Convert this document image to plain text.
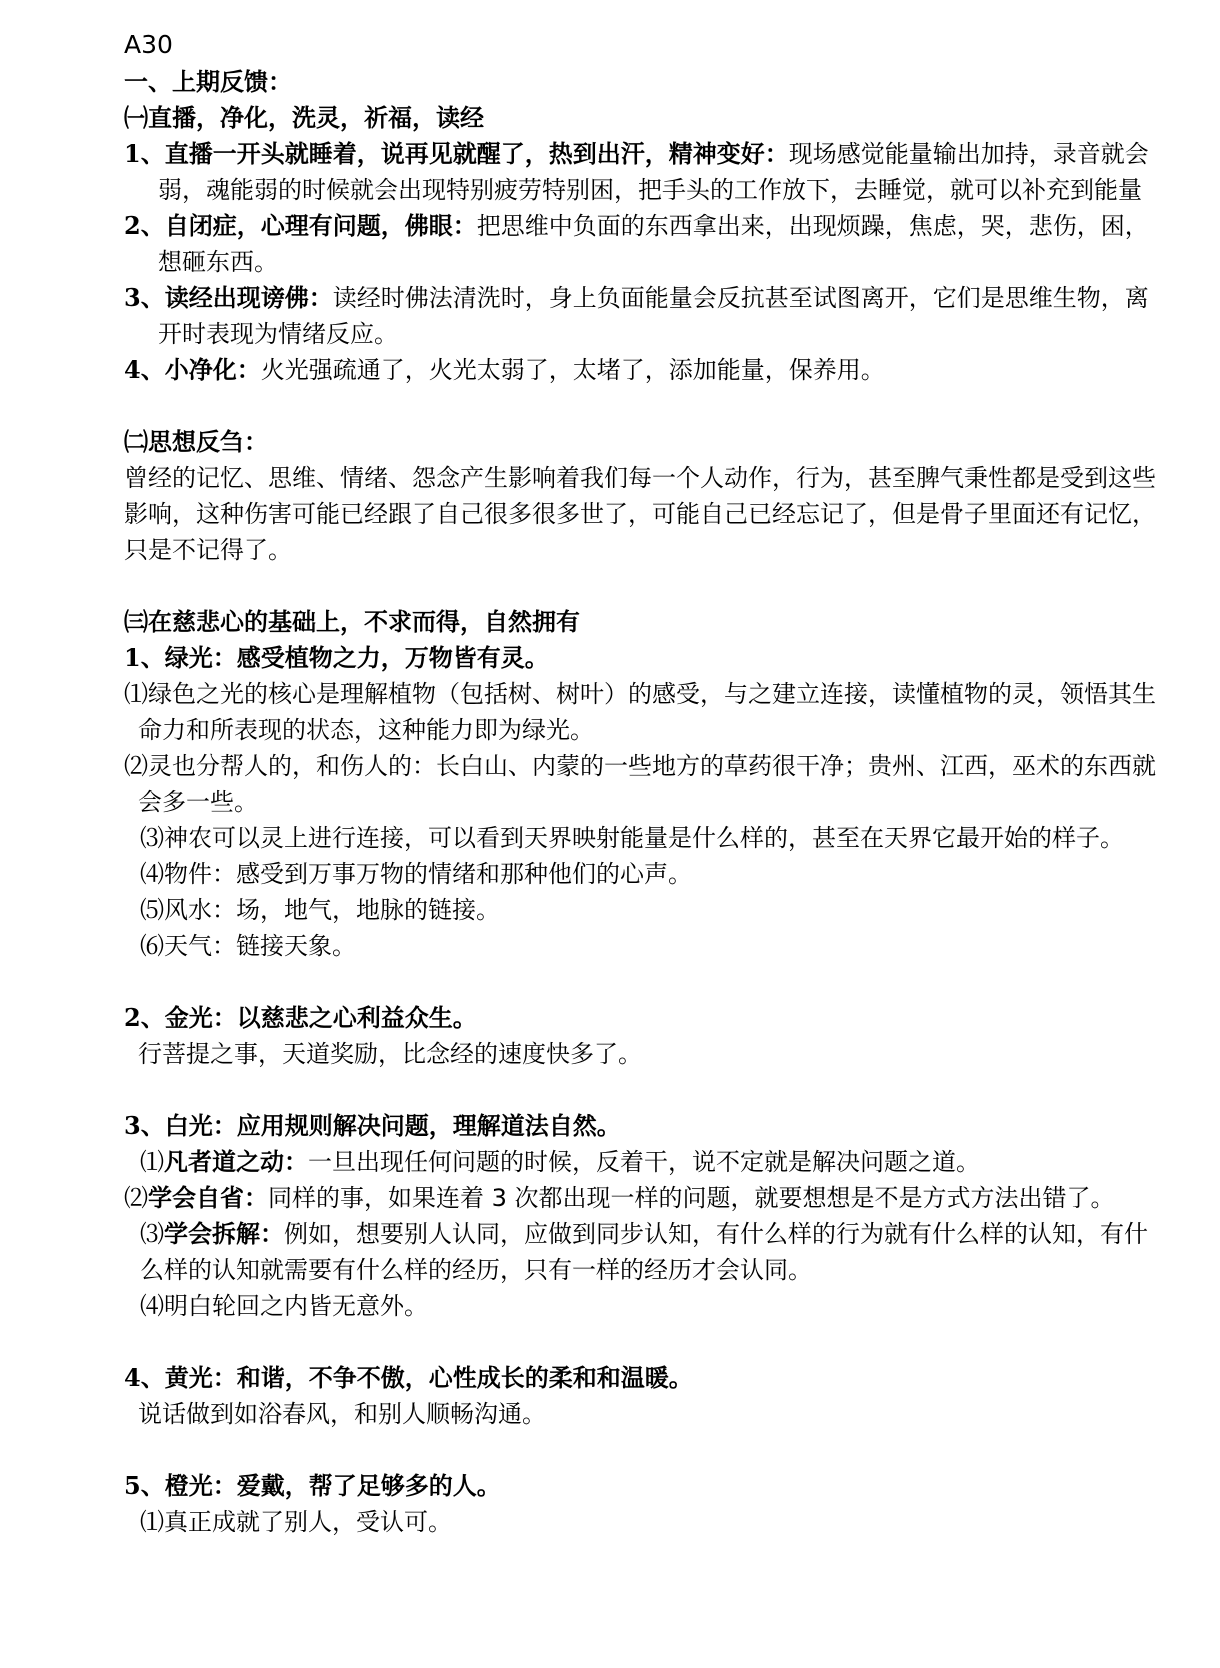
A30

一、上期反馈：

㈠直播，净化，洗灵，祈福，读经

1、直播一开头就睡着，说再见就醒了，热到出汗，精神变好：现场感觉能量输出加持，录音就会弱，魂能弱的时候就会出现特别疲劳特别困，把手头的工作放下，去睡觉，就可以补充到能量

2、自闭症，心理有问题，佛眼：把思维中负面的东西拿出来，出现烦躁，焦虑，哭，悲伤，困，想砸东西。

3、读经出现谤佛：读经时佛法清洗时，身上负面能量会反抗甚至试图离开，它们是思维生物，离开时表现为情绪反应。

4、小净化：火光强疏通了，火光太弱了，太堵了，添加能量，保养用。

㈡思想反刍：

曾经的记忆、思维、情绪、怨念产生影响着我们每一个人动作，行为，甚至脾气秉性都是受到这些影响，这种伤害可能已经跟了自己很多很多世了，可能自己已经忘记了，但是骨子里面还有记忆，只是不记得了。

㈢在慈悲心的基础上，不求而得，自然拥有

1、绿光：感受植物之力，万物皆有灵。

⑴绿色之光的核心是理解植物（包括树、树叶）的感受，与之建立连接，读懂植物的灵，领悟其生命力和所表现的状态，这种能力即为绿光。

⑵灵也分帮人的，和伤人的：长白山、内蒙的一些地方的草药很干净；贵州、江西，巫术的东西就会多一些。

⑶神农可以灵上进行连接，可以看到天界映射能量是什么样的，甚至在天界它最开始的样子。

⑷物件：感受到万事万物的情绪和那种他们的心声。

⑸风水：场，地气，地脉的链接。

⑹天气：链接天象。

2、金光：以慈悲之心利益众生。

行菩提之事，天道奖励，比念经的速度快多了。

3、白光：应用规则解决问题，理解道法自然。

⑴凡者道之动：一旦出现任何问题的时候，反着干，说不定就是解决问题之道。

⑵学会自省：同样的事，如果连着 3 次都出现一样的问题，就要想想是不是方式方法出错了。

⑶学会拆解：例如，想要别人认同，应做到同步认知，有什么样的行为就有什么样的认知，有什么样的认知就需要有什么样的经历，只有一样的经历才会认同。

⑷明白轮回之内皆无意外。

4、黄光：和谐，不争不傲，心性成长的柔和和温暖。

说话做到如浴春风，和别人顺畅沟通。

5、橙光：爱戴，帮了足够多的人。

⑴真正成就了别人，受认可。
